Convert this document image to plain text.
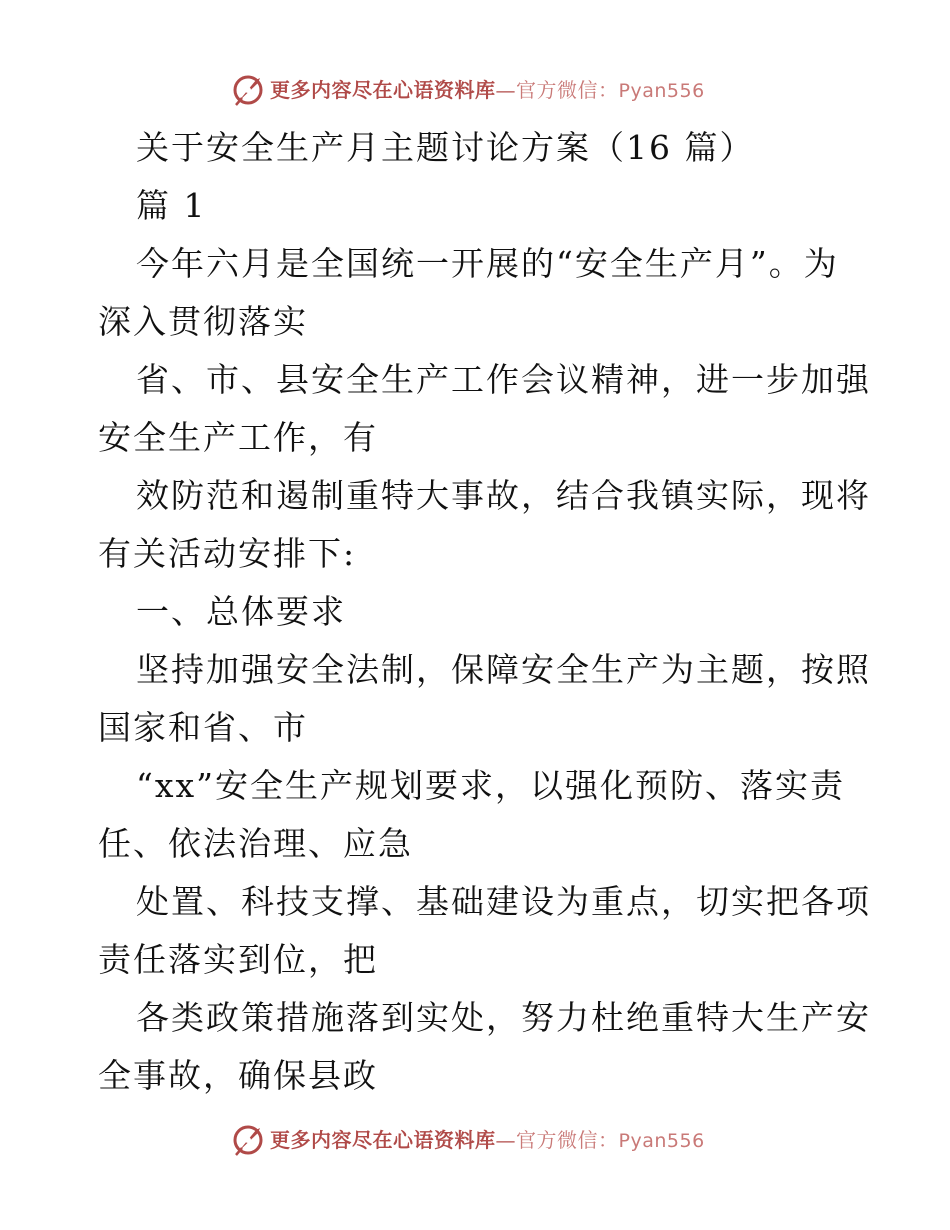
更多内容尽在心语资料库—官方微信：Pyan556
关于安全生产月主题讨论方案（16 篇）
篇 1
今年六月是全国统一开展的“安全生产月”。为
深入贯彻落实
省、市、县安全生产工作会议精神，进一步加强
安全生产工作，有
效防范和遏制重特大事故，结合我镇实际，现将
有关活动安排下:
一、总体要求
坚持加强安全法制，保障安全生产为主题，按照
国家和省、市
“xx”安全生产规划要求，以强化预防、落实责
任、依法治理、应急
处置、科技支撑、基础建设为重点，切实把各项
责任落实到位，把
各类政策措施落到实处，努力杜绝重特大生产安
全事故，确保县政
更多内容尽在心语资料库—官方微信：Pyan556
